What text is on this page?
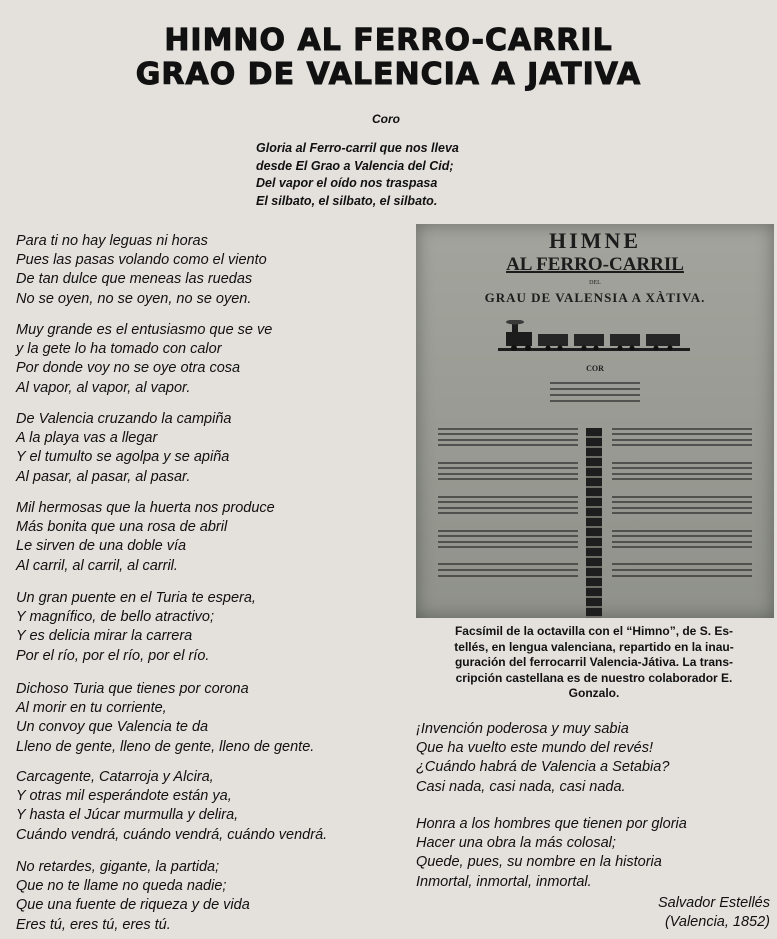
HIMNO AL FERRO-CARRIL
GRAO DE VALENCIA A JATIVA
Coro
Gloria al Ferro-carril que nos lleva
desde El Grao a Valencia del Cid;
Del vapor el oído nos traspasa
El silbato, el silbato, el silbato.
Para ti no hay leguas ni horas
Pues las pasas volando como el viento
De tan dulce que meneas las ruedas
No se oyen, no se oyen, no se oyen.
Muy grande es el entusiasmo que se ve
y la gete lo ha tomado con calor
Por donde voy no se oye otra cosa
Al vapor, al vapor, al vapor.
De Valencia cruzando la campiña
A la playa vas a llegar
Y el tumulto se agolpa y se apiña
Al pasar, al pasar, al pasar.
Mil hermosas que la huerta nos produce
Más bonita que una rosa de abril
Le sirven de una doble vía
Al carril, al carril, al carril.
Un gran puente en el Turia te espera,
Y magnífico, de bello atractivo;
Y es delicia mirar la carrera
Por el río, por el río, por el río.
Dichoso Turia que tienes por corona
Al morir en tu corriente,
Un convoy que Valencia te da
Lleno de gente, lleno de gente, lleno de gente.
Carcagente, Catarroja y Alcira,
Y otras mil esperándote están ya,
Y hasta el Júcar murmulla y delira,
Cuándo vendrá, cuándo vendrá, cuándo vendrá.
No retardes, gigante, la partida;
Que no te llame no queda nadie;
Que una fuente de riqueza y de vida
Eres tú, eres tú, eres tú.
HIMNE
AL FERRO-CARRIL
DEL
GRAU DE VALENSIA A XÀTIVA.
COR
Facsímil de la octavilla con el “Himno”, de S. Es-
tellés, en lengua valenciana, repartido en la inau-
guración del ferrocarril Valencia-Játiva. La trans-
cripción castellana es de nuestro colaborador E.
Gonzalo.
¡Invención poderosa y muy sabia
Que ha vuelto este mundo del revés!
¿Cuándo habrá de Valencia a Setabia?
Casi nada, casi nada, casi nada.
Honra a los hombres que tienen por gloria
Hacer una obra la más colosal;
Quede, pues, su nombre en la historia
Inmortal, inmortal, inmortal.
Salvador Estellés
(Valencia, 1852)
